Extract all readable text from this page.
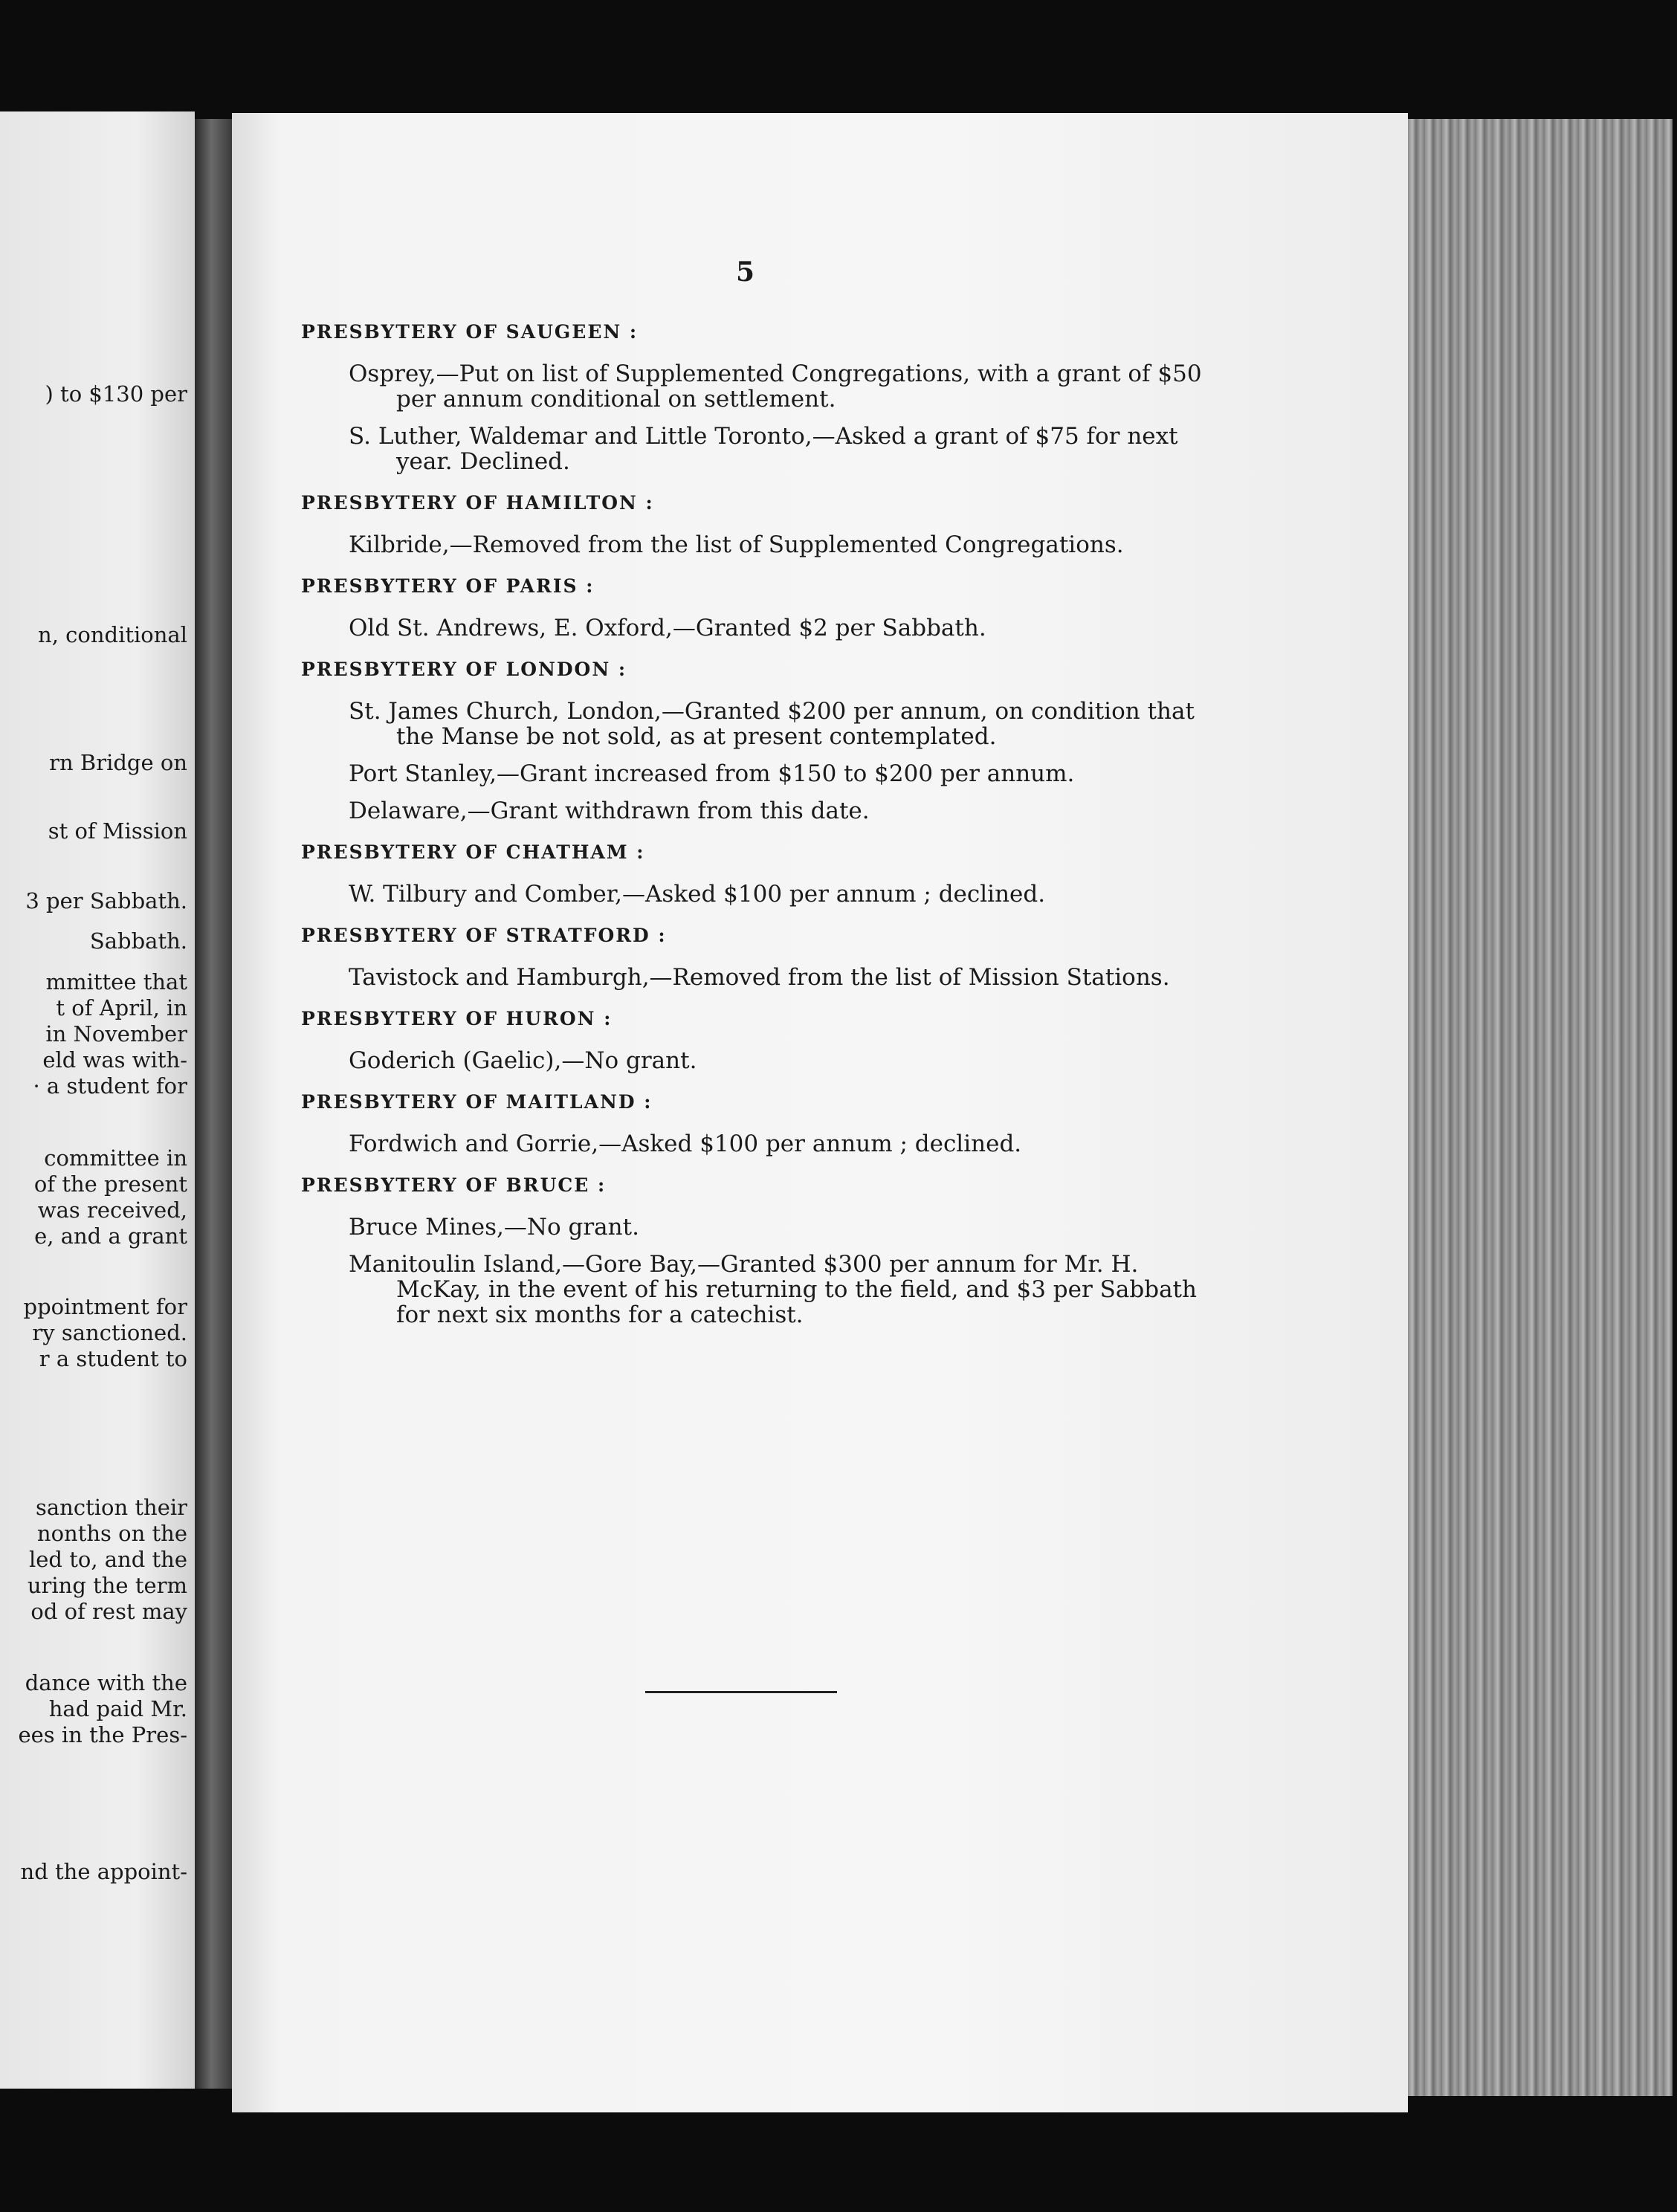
) to $130 per
n, conditional
rn Bridge on
st of Mission
3 per Sabbath.
Sabbath.
mmittee that
t of April, in
in November
eld was with-
· a student for
committee in
of the present
was received,
e, and a grant
ppointment for
ry sanctioned.
r a student to
sanction their
nonths on the
led to, and the
uring the term
od of rest may
dance with the
had paid Mr.
ees in the Pres-
nd the appoint-
5
PRESBYTERY OF SAUGEEN :
Osprey,—Put on list of Supplemented Congregations, with a grant of $50 per annum conditional on settlement.
S. Luther, Waldemar and Little Toronto,—Asked a grant of $75 for next year. Declined.
PRESBYTERY OF HAMILTON :
Kilbride,—Removed from the list of Supplemented Congregations.
PRESBYTERY OF PARIS :
Old St. Andrews, E. Oxford,—Granted $2 per Sabbath.
PRESBYTERY OF LONDON :
St. James Church, London,—Granted $200 per annum, on condition that the Manse be not sold, as at present contemplated.
Port Stanley,—Grant increased from $150 to $200 per annum.
Delaware,—Grant withdrawn from this date.
PRESBYTERY OF CHATHAM :
W. Tilbury and Comber,—Asked $100 per annum ; declined.
PRESBYTERY OF STRATFORD :
Tavistock and Hamburgh,—Removed from the list of Mission Stations.
PRESBYTERY OF HURON :
Goderich (Gaelic),—No grant.
PRESBYTERY OF MAITLAND :
Fordwich and Gorrie,—Asked $100 per annum ; declined.
PRESBYTERY OF BRUCE :
Bruce Mines,—No grant.
Manitoulin Island,—Gore Bay,—Granted $300 per annum for Mr. H. McKay, in the event of his returning to the field, and $3 per Sabbath for next six months for a catechist.
